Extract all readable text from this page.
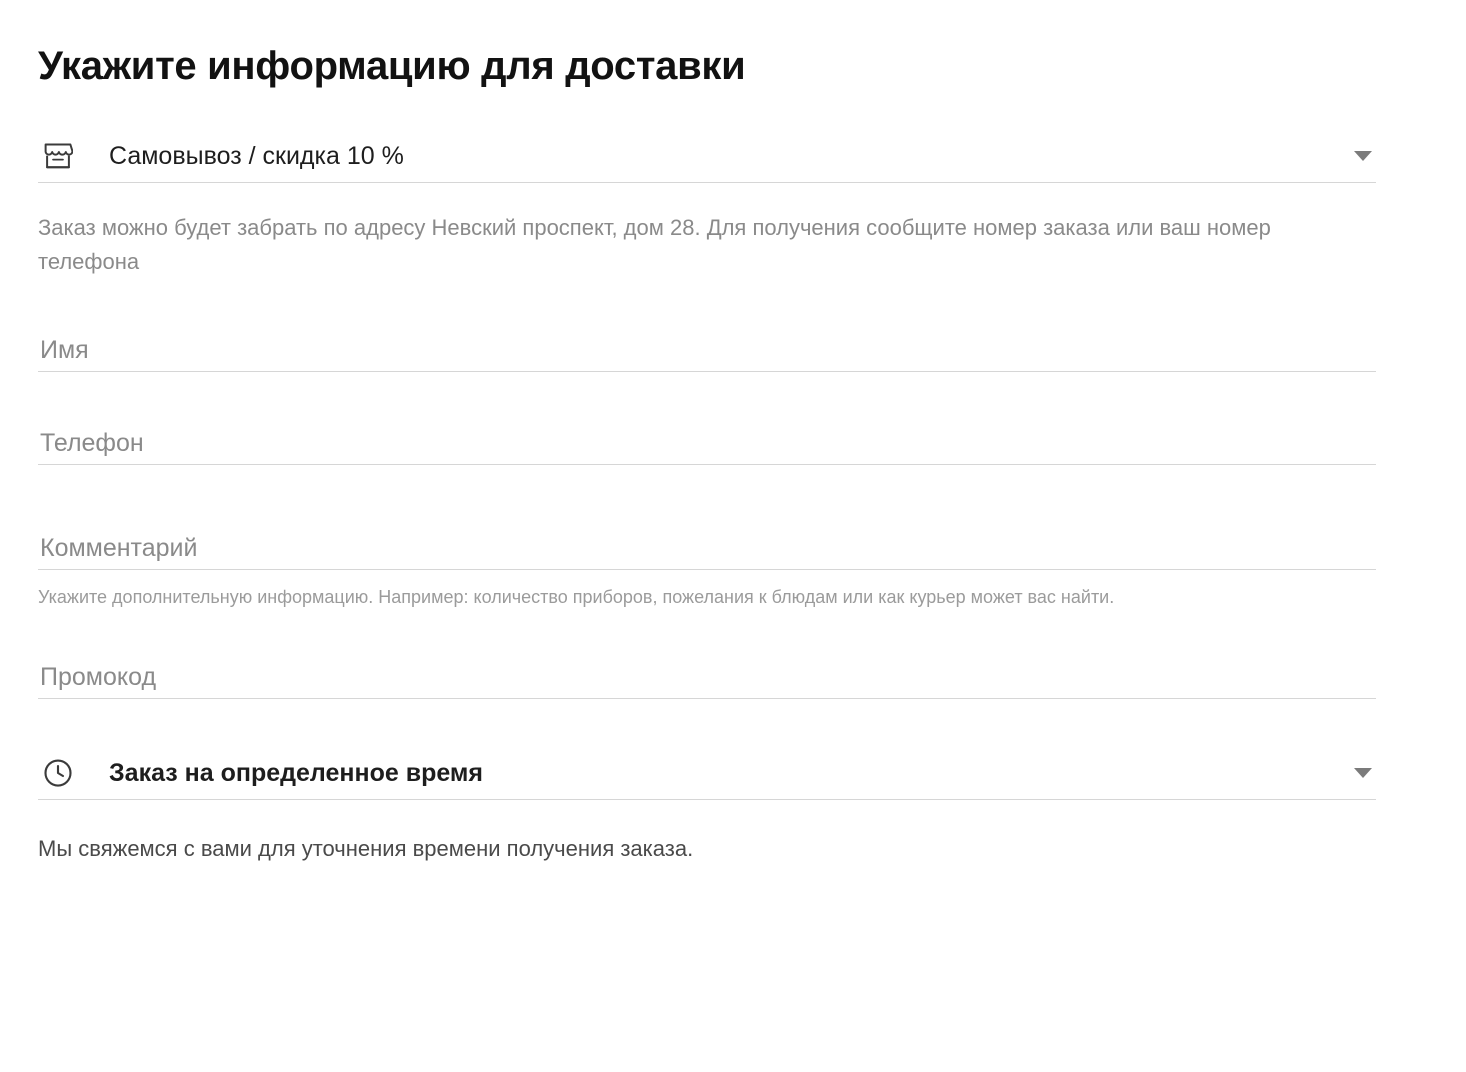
Укажите информацию для доставки
Самовывоз / скидка 10 %
Заказ можно будет забрать по адресу Невский проспект, дом 28. Для получения сообщите номер заказа или ваш номер телефона
Имя
Телефон
Комментарий
Укажите дополнительную информацию. Например: количество приборов, пожелания к блюдам или как курьер может вас найти.
Промокод
Заказ на определенное время
Мы свяжемся с вами для уточнения времени получения заказа.
